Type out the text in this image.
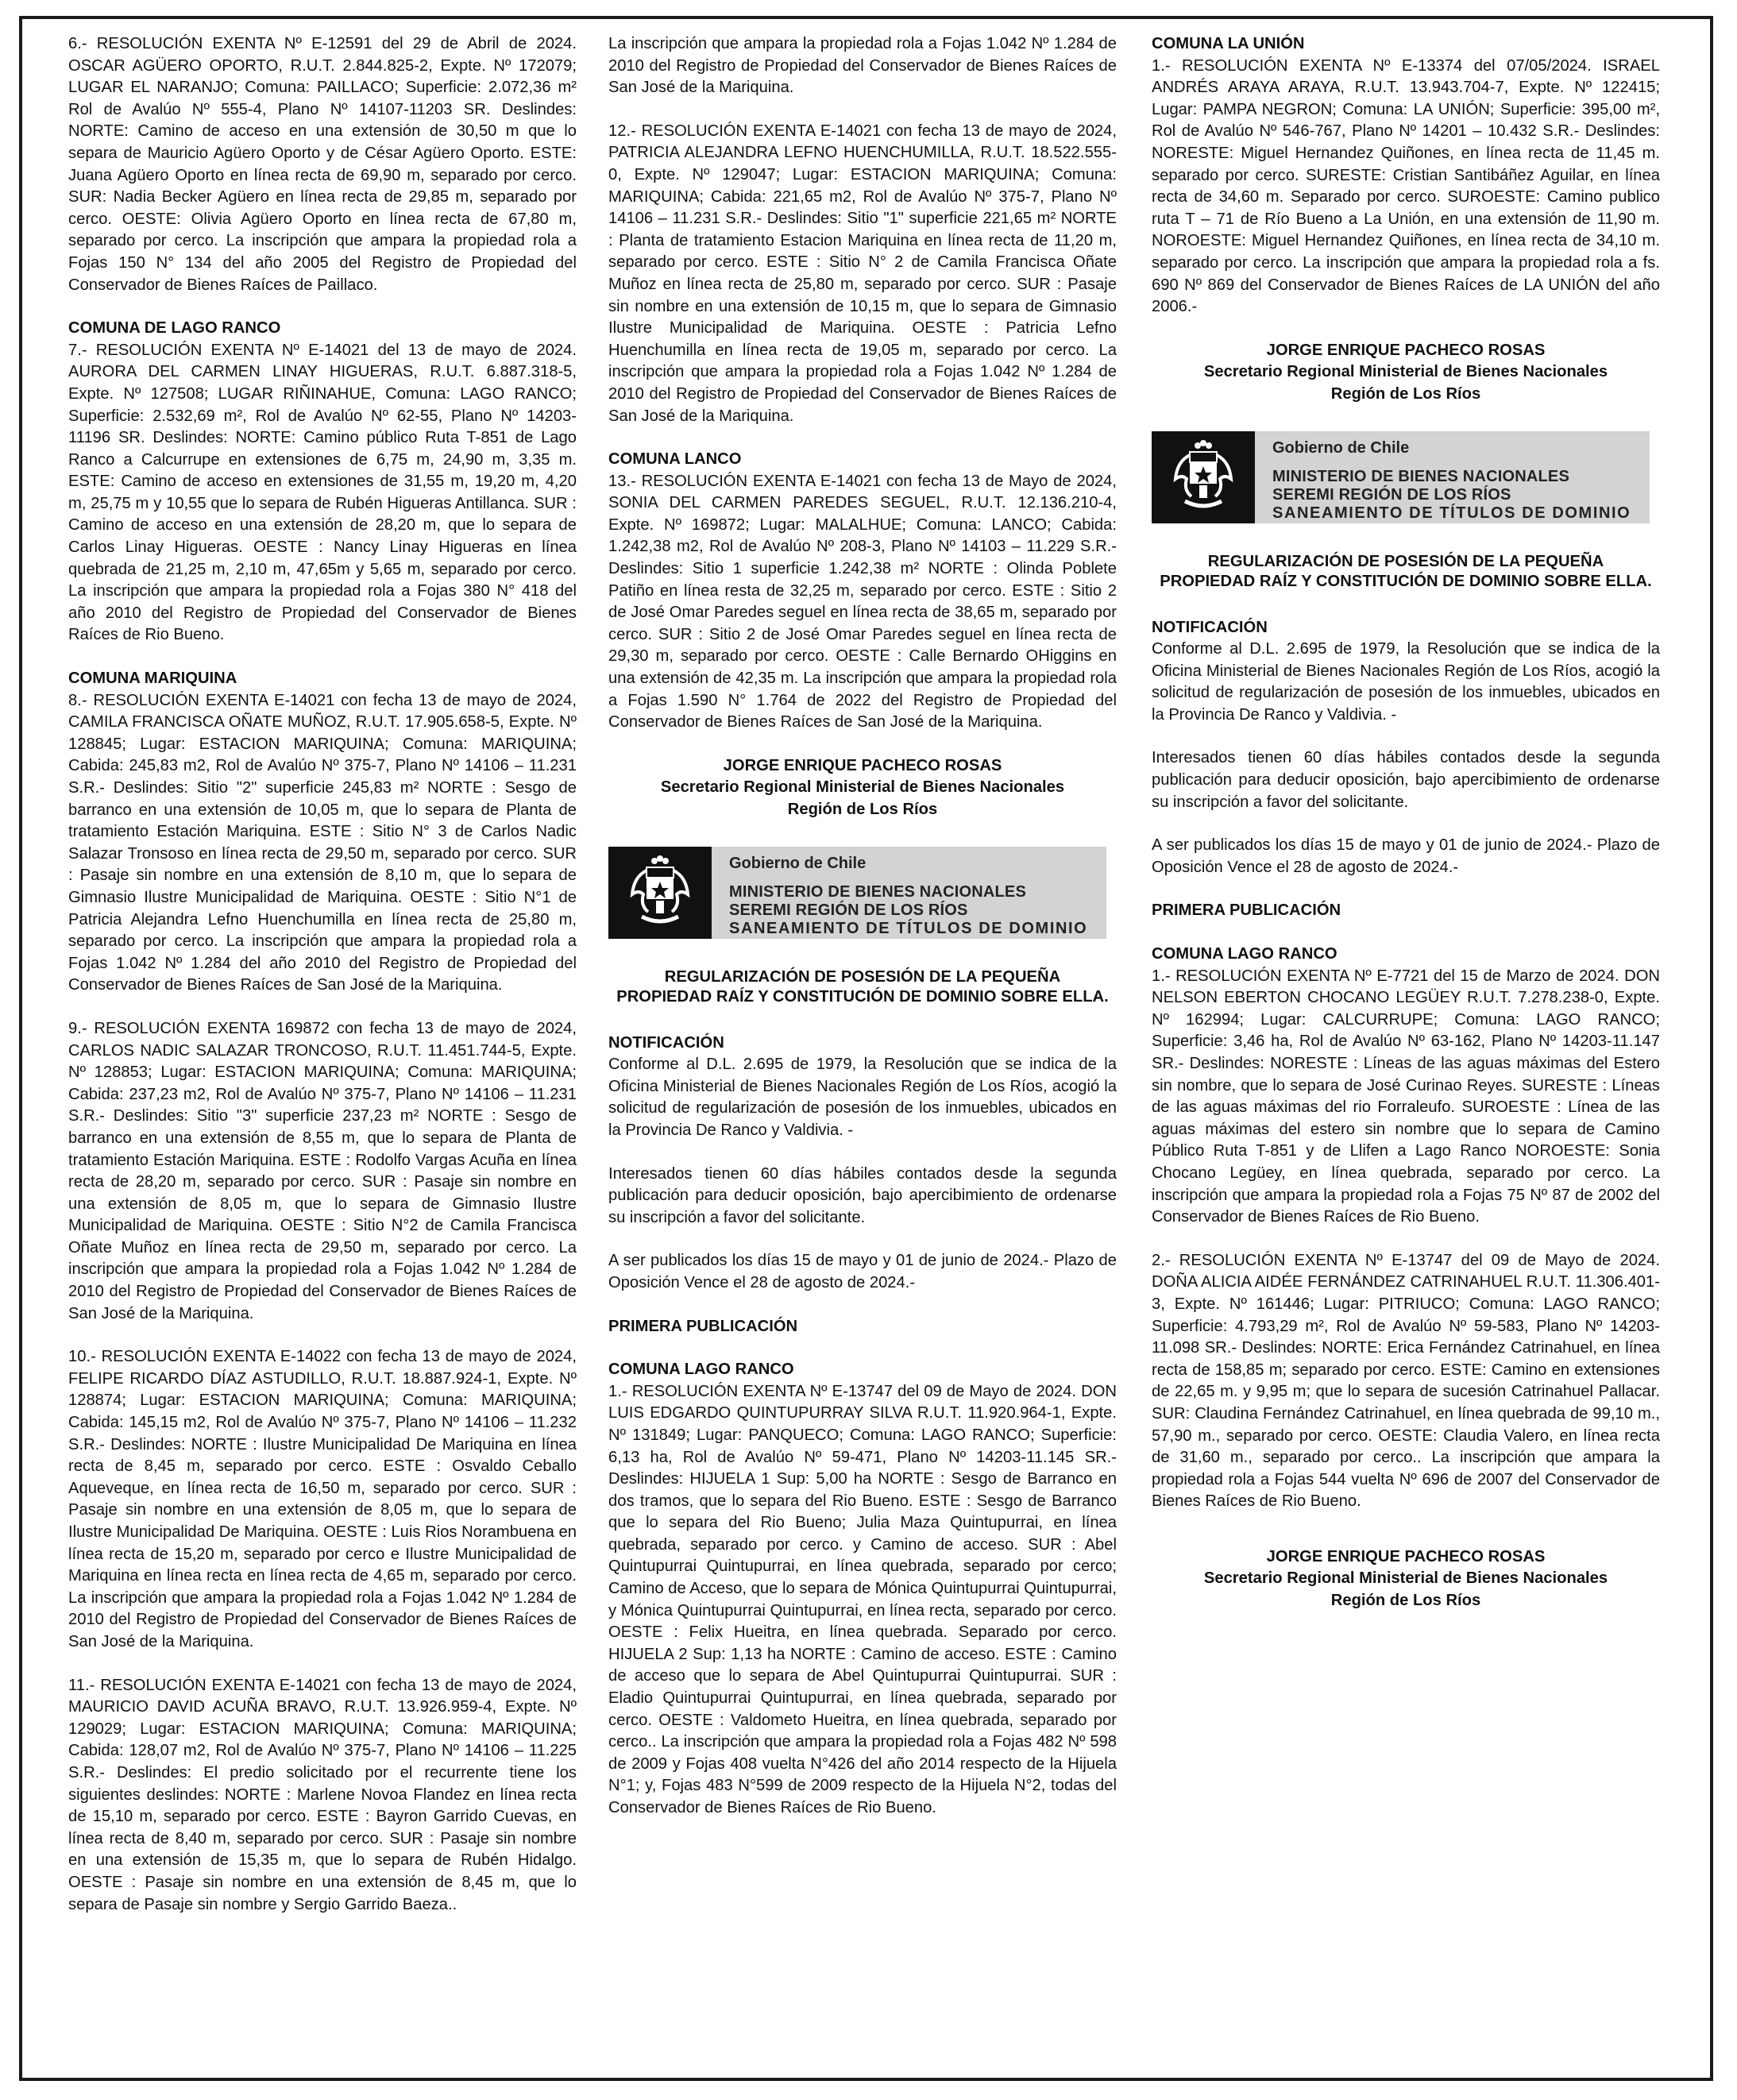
6.- RESOLUCIÓN EXENTA Nº E-12591 del 29 de Abril de 2024. OSCAR AGÜERO OPORTO, R.U.T. 2.844.825-2, Expte. Nº 172079; LUGAR EL NARANJO; Comuna: PAILLACO; Superficie: 2.072,36 m² Rol de Avalúo Nº 555-4, Plano Nº 14107-11203 SR. Deslindes: NORTE: Camino de acceso en una extensión de 30,50 m que lo separa de Mauricio Agüero Oporto y de César Agüero Oporto. ESTE: Juana Agüero Oporto en línea recta de 69,90 m, separado por cerco. SUR: Nadia Becker Agüero en línea recta de 29,85 m, separado por cerco. OESTE: Olivia Agüero Oporto en línea recta de 67,80 m, separado por cerco. La inscripción que ampara la propiedad rola a Fojas 150 N° 134 del año 2005 del Registro de Propiedad del Conservador de Bienes Raíces de Paillaco.

COMUNA DE LAGO RANCO

7.- RESOLUCIÓN EXENTA Nº E-14021 del 13 de mayo de 2024. AURORA DEL CARMEN LINAY HIGUERAS, R.U.T. 6.887.318-5, Expte. Nº 127508; LUGAR RIÑINAHUE, Comuna: LAGO RANCO; Superficie: 2.532,69 m², Rol de Avalúo Nº 62-55, Plano Nº 14203-11196 SR. Deslindes: NORTE: Camino público Ruta T-851 de Lago Ranco a Calcurrupe en extensiones de 6,75 m, 24,90 m, 3,35 m. ESTE: Camino de acceso en extensiones de 31,55 m, 19,20 m, 4,20 m, 25,75 m y 10,55 que lo separa de Rubén Higueras Antillanca. SUR : Camino de acceso en una extensión de 28,20 m, que lo separa de Carlos Linay Higueras. OESTE : Nancy Linay Higueras en línea quebrada de 21,25 m, 2,10 m, 47,65m y 5,65 m, separado por cerco. La inscripción que ampara la propiedad rola a Fojas 380 N° 418 del año 2010 del Registro de Propiedad del Conservador de Bienes Raíces de Rio Bueno.

COMUNA MARIQUINA

8.- RESOLUCIÓN EXENTA E-14021 con fecha 13 de mayo de 2024, CAMILA FRANCISCA OÑATE MUÑOZ, R.U.T. 17.905.658-5, Expte. Nº 128845; Lugar: ESTACION MARIQUINA; Comuna: MARIQUINA; Cabida: 245,83 m2, Rol de Avalúo Nº 375-7, Plano Nº 14106 – 11.231 S.R.- Deslindes: Sitio "2" superficie 245,83 m² NORTE : Sesgo de barranco en una extensión de 10,05 m, que lo separa de Planta de tratamiento Estación Mariquina. ESTE : Sitio N° 3 de Carlos Nadic Salazar Tronsoso en línea recta de 29,50 m, separado por cerco. SUR : Pasaje sin nombre en una extensión de 8,10 m, que lo separa de Gimnasio Ilustre Municipalidad de Mariquina. OESTE : Sitio N°1 de Patricia Alejandra Lefno Huenchumilla en línea recta de 25,80 m, separado por cerco. La inscripción que ampara la propiedad rola a Fojas 1.042 Nº 1.284 del año 2010 del Registro de Propiedad del Conservador de Bienes Raíces de San José de la Mariquina.

9.- RESOLUCIÓN EXENTA 169872 con fecha 13 de mayo de 2024, CARLOS NADIC SALAZAR TRONCOSO, R.U.T. 11.451.744-5, Expte. Nº 128853; Lugar: ESTACION MARIQUINA; Comuna: MARIQUINA; Cabida: 237,23 m2, Rol de Avalúo Nº 375-7, Plano Nº 14106 – 11.231 S.R.- Deslindes: Sitio "3" superficie 237,23 m² NORTE : Sesgo de barranco en una extensión de 8,55 m, que lo separa de Planta de tratamiento Estación Mariquina. ESTE : Rodolfo Vargas Acuña en línea recta de 28,20 m, separado por cerco. SUR : Pasaje sin nombre en una extensión de 8,05 m, que lo separa de Gimnasio Ilustre Municipalidad de Mariquina. OESTE : Sitio N°2 de Camila Francisca Oñate Muñoz en línea recta de 29,50 m, separado por cerco. La inscripción que ampara la propiedad rola a Fojas 1.042 Nº 1.284 de 2010 del Registro de Propiedad del Conservador de Bienes Raíces de San José de la Mariquina.

10.- RESOLUCIÓN EXENTA E-14022 con fecha 13 de mayo de 2024, FELIPE RICARDO DÍAZ ASTUDILLO, R.U.T. 18.887.924-1, Expte. Nº 128874; Lugar: ESTACION MARIQUINA; Comuna: MARIQUINA; Cabida: 145,15 m2, Rol de Avalúo Nº 375-7, Plano Nº 14106 – 11.232 S.R.- Deslindes: NORTE : Ilustre Municipalidad De Mariquina en línea recta de 8,45 m, separado por cerco. ESTE : Osvaldo Ceballo Aqueveque, en línea recta de 16,50 m, separado por cerco. SUR : Pasaje sin nombre en una extensión de 8,05 m, que lo separa de Ilustre Municipalidad De Mariquina. OESTE : Luis Rios Norambuena en línea recta de 15,20 m, separado por cerco e Ilustre Municipalidad de Mariquina en línea recta en línea recta de 4,65 m, separado por cerco. La inscripción que ampara la propiedad rola a Fojas 1.042 Nº 1.284 de 2010 del Registro de Propiedad del Conservador de Bienes Raíces de San José de la Mariquina.

11.- RESOLUCIÓN EXENTA E-14021 con fecha 13 de mayo de 2024, MAURICIO DAVID ACUÑA BRAVO, R.U.T. 13.926.959-4, Expte. Nº 129029; Lugar: ESTACION MARIQUINA; Comuna: MARIQUINA; Cabida: 128,07 m2, Rol de Avalúo Nº 375-7, Plano Nº 14106 – 11.225 S.R.- Deslindes: El predio solicitado por el recurrente tiene los siguientes deslindes: NORTE : Marlene Novoa Flandez en línea recta de 15,10 m, separado por cerco. ESTE : Bayron Garrido Cuevas, en línea recta de 8,40 m, separado por cerco. SUR : Pasaje sin nombre en una extensión de 15,35 m, que lo separa de Rubén Hidalgo. OESTE : Pasaje sin nombre en una extensión de 8,45 m, que lo separa de Pasaje sin nombre y Sergio Garrido Baeza..

La inscripción que ampara la propiedad rola a Fojas 1.042 Nº 1.284 de 2010 del Registro de Propiedad del Conservador de Bienes Raíces de San José de la Mariquina.

12.- RESOLUCIÓN EXENTA E-14021 con fecha 13 de mayo de 2024, PATRICIA ALEJANDRA LEFNO HUENCHUMILLA, R.U.T. 18.522.555-0, Expte. Nº 129047; Lugar: ESTACION MARIQUINA; Comuna: MARIQUINA; Cabida: 221,65 m2, Rol de Avalúo Nº 375-7, Plano Nº 14106 – 11.231 S.R.- Deslindes: Sitio "1" superficie 221,65 m² NORTE : Planta de tratamiento Estacion Mariquina en línea recta de 11,20 m, separado por cerco. ESTE : Sitio N° 2 de Camila Francisca Oñate Muñoz en línea recta de 25,80 m, separado por cerco. SUR : Pasaje sin nombre en una extensión de 10,15 m, que lo separa de Gimnasio Ilustre Municipalidad de Mariquina. OESTE : Patricia Lefno Huenchumilla en línea recta de 19,05 m, separado por cerco. La inscripción que ampara la propiedad rola a Fojas 1.042 Nº 1.284 de 2010 del Registro de Propiedad del Conservador de Bienes Raíces de San José de la Mariquina.

COMUNA LANCO

13.- RESOLUCIÓN EXENTA E-14021 con fecha 13 de Mayo de 2024, SONIA DEL CARMEN PAREDES SEGUEL, R.U.T. 12.136.210-4, Expte. Nº 169872; Lugar: MALALHUE; Comuna: LANCO; Cabida: 1.242,38 m2, Rol de Avalúo Nº 208-3, Plano Nº 14103 – 11.229 S.R.- Deslindes: Sitio 1 superficie 1.242,38 m² NORTE : Olinda Poblete Patiño en línea resta de 32,25 m, separado por cerco. ESTE : Sitio 2 de José Omar Paredes seguel en línea recta de 38,65 m, separado por cerco. SUR : Sitio 2 de José Omar Paredes seguel en línea recta de 29,30 m, separado por cerco. OESTE : Calle Bernardo OHiggins en una extensión de 42,35 m. La inscripción que ampara la propiedad rola a Fojas 1.590 N° 1.764 de 2022 del Registro de Propiedad del Conservador de Bienes Raíces de San José de la Mariquina.

JORGE ENRIQUE PACHECO ROSAS
Secretario Regional Ministerial de Bienes Nacionales
Región de Los Ríos
Gobierno de Chile
MINISTERIO DE BIENES NACIONALES
SEREMI REGIÓN DE LOS RÍOS
SANEAMIENTO DE TÍTULOS DE DOMINIO
REGULARIZACIÓN DE POSESIÓN DE LA PEQUEÑA
PROPIEDAD RAÍZ Y CONSTITUCIÓN DE DOMINIO SOBRE ELLA.

NOTIFICACIÓN

Conforme al D.L. 2.695 de 1979, la Resolución que se indica de la Oficina Ministerial de Bienes Nacionales Región de Los Ríos, acogió la solicitud de regularización de posesión de los inmuebles, ubicados en la Provincia De Ranco y Valdivia. -

Interesados tienen 60 días hábiles contados desde la segunda publicación para deducir oposición, bajo apercibimiento de ordenarse su inscripción a favor del solicitante.

A ser publicados los días 15 de mayo y 01 de junio de 2024.- Plazo de Oposición Vence el 28 de agosto de 2024.-

PRIMERA PUBLICACIÓN

COMUNA LAGO RANCO

1.- RESOLUCIÓN EXENTA Nº E-13747 del 09 de Mayo de 2024. DON LUIS EDGARDO QUINTUPURRAY SILVA R.U.T. 11.920.964-1, Expte. Nº 131849; Lugar: PANQUECO; Comuna: LAGO RANCO; Superficie: 6,13 ha, Rol de Avalúo Nº 59-471, Plano Nº 14203-11.145 SR.- Deslindes: HIJUELA 1 Sup: 5,00 ha NORTE : Sesgo de Barranco en dos tramos, que lo separa del Rio Bueno. ESTE : Sesgo de Barranco que lo separa del Rio Bueno; Julia Maza Quintupurrai, en línea quebrada, separado por cerco. y Camino de acceso. SUR : Abel Quintupurrai Quintupurrai, en línea quebrada, separado por cerco; Camino de Acceso, que lo separa de Mónica Quintupurrai Quintupurrai, y Mónica Quintupurrai Quintupurrai, en línea recta, separado por cerco. OESTE : Felix Hueitra, en línea quebrada. Separado por cerco. HIJUELA 2 Sup: 1,13 ha NORTE : Camino de acceso. ESTE : Camino de acceso que lo separa de Abel Quintupurrai Quintupurrai. SUR : Eladio Quintupurrai Quintupurrai, en línea quebrada, separado por cerco. OESTE : Valdometo Hueitra, en línea quebrada, separado por cerco.. La inscripción que ampara la propiedad rola a Fojas 482 Nº 598 de 2009 y Fojas 408 vuelta N°426 del año 2014 respecto de la Hijuela N°1; y, Fojas 483 N°599 de 2009 respecto de la Hijuela N°2, todas del Conservador de Bienes Raíces de Rio Bueno.

COMUNA LA UNIÓN

1.- RESOLUCIÓN EXENTA Nº E-13374 del 07/05/2024. ISRAEL ANDRÉS ARAYA ARAYA, R.U.T. 13.943.704-7, Expte. Nº 122415; Lugar: PAMPA NEGRON; Comuna: LA UNIÓN; Superficie: 395,00 m², Rol de Avalúo Nº 546-767, Plano Nº 14201 – 10.432 S.R.- Deslindes: NORESTE: Miguel Hernandez Quiñones, en línea recta de 11,45 m. separado por cerco. SURESTE: Cristian Santibáñez Aguilar, en línea recta de 34,60 m. Separado por cerco. SUROESTE: Camino publico ruta T – 71 de Río Bueno a La Unión, en una extensión de 11,90 m. NOROESTE: Miguel Hernandez Quiñones, en línea recta de 34,10 m. separado por cerco. La inscripción que ampara la propiedad rola a fs. 690 Nº 869 del Conservador de Bienes Raíces de LA UNIÓN del año 2006.-

JORGE ENRIQUE PACHECO ROSAS
Secretario Regional Ministerial de Bienes Nacionales
Región de Los Ríos
Gobierno de Chile
MINISTERIO DE BIENES NACIONALES
SEREMI REGIÓN DE LOS RÍOS
SANEAMIENTO DE TÍTULOS DE DOMINIO
REGULARIZACIÓN DE POSESIÓN DE LA PEQUEÑA
PROPIEDAD RAÍZ Y CONSTITUCIÓN DE DOMINIO SOBRE ELLA.

NOTIFICACIÓN

Conforme al D.L. 2.695 de 1979, la Resolución que se indica de la Oficina Ministerial de Bienes Nacionales Región de Los Ríos, acogió la solicitud de regularización de posesión de los inmuebles, ubicados en la Provincia De Ranco y Valdivia. -

Interesados tienen 60 días hábiles contados desde la segunda publicación para deducir oposición, bajo apercibimiento de ordenarse su inscripción a favor del solicitante.

A ser publicados los días 15 de mayo y 01 de junio de 2024.- Plazo de Oposición Vence el 28 de agosto de 2024.-

PRIMERA PUBLICACIÓN

COMUNA LAGO RANCO

1.- RESOLUCIÓN EXENTA Nº E-7721 del 15 de Marzo de 2024. DON NELSON EBERTON CHOCANO LEGÜEY R.U.T. 7.278.238-0, Expte. Nº 162994; Lugar: CALCURRUPE; Comuna: LAGO RANCO; Superficie: 3,46 ha, Rol de Avalúo Nº 63-162, Plano Nº 14203-11.147 SR.- Deslindes: NORESTE : Líneas de las aguas máximas del Estero sin nombre, que lo separa de José Curinao Reyes. SURESTE : Líneas de las aguas máximas del rio Forraleufo. SUROESTE : Línea de las aguas máximas del estero sin nombre que lo separa de Camino Público Ruta T-851 y de Llifen a Lago Ranco NOROESTE: Sonia Chocano Legüey, en línea quebrada, separado por cerco. La inscripción que ampara la propiedad rola a Fojas 75 Nº 87 de 2002 del Conservador de Bienes Raíces de Rio Bueno.

2.- RESOLUCIÓN EXENTA Nº E-13747 del 09 de Mayo de 2024. DOÑA ALICIA AIDÉE FERNÁNDEZ CATRINAHUEL R.U.T. 11.306.401-3, Expte. Nº 161446; Lugar: PITRIUCO; Comuna: LAGO RANCO; Superficie: 4.793,29 m², Rol de Avalúo Nº 59-583, Plano Nº 14203-11.098 SR.- Deslindes: NORTE: Erica Fernández Catrinahuel, en línea recta de 158,85 m; separado por cerco. ESTE: Camino en extensiones de 22,65 m. y 9,95 m; que lo separa de sucesión Catrinahuel Pallacar. SUR: Claudina Fernández Catrinahuel, en línea quebrada de 99,10 m., 57,90 m., separado por cerco. OESTE: Claudia Valero, en línea recta de 31,60 m., separado por cerco.. La inscripción que ampara la propiedad rola a Fojas 544 vuelta Nº 696 de 2007 del Conservador de Bienes Raíces de Rio Bueno.

JORGE ENRIQUE PACHECO ROSAS
Secretario Regional Ministerial de Bienes Nacionales
Región de Los Ríos
